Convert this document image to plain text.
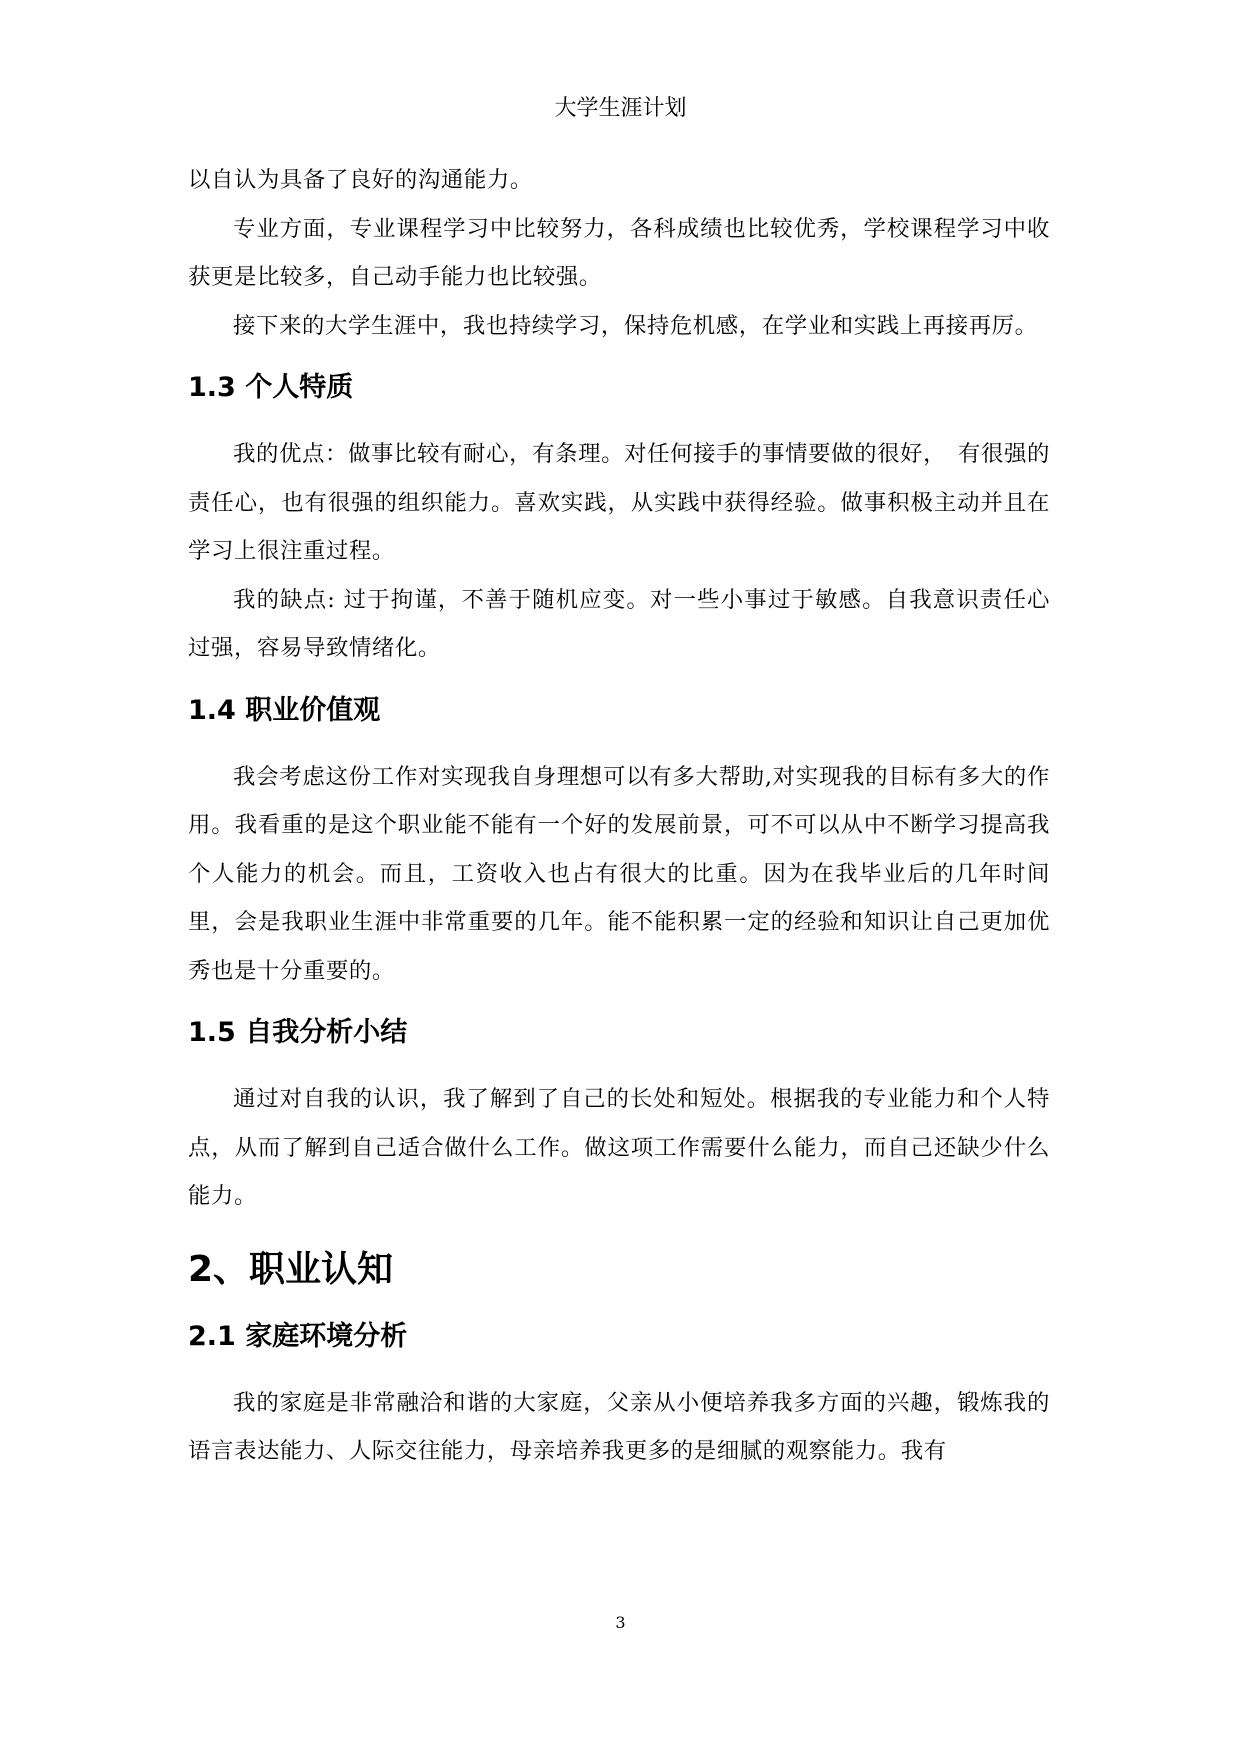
大学生涯计划

以自认为具备了良好的沟通能力。

专业方面，专业课程学习中比较努力，各科成绩也比较优秀，学校课程学习中收获更是比较多，自己动手能力也比较强。

接下来的大学生涯中，我也持续学习，保持危机感，在学业和实践上再接再厉。

1.3 个人特质

我的优点：做事比较有耐心，有条理。对任何接手的事情要做的很好，　有很强的责任心，也有很强的组织能力。喜欢实践，从实践中获得经验。做事积极主动并且在学习上很注重过程。

我的缺点: 过于拘谨，不善于随机应变。对一些小事过于敏感。自我意识责任心过强，容易导致情绪化。

1.4 职业价值观

我会考虑这份工作对实现我自身理想可以有多大帮助,对实现我的目标有多大的作用。我看重的是这个职业能不能有一个好的发展前景，可不可以从中不断学习提高我个人能力的机会。而且，工资收入也占有很大的比重。因为在我毕业后的几年时间里，会是我职业生涯中非常重要的几年。能不能积累一定的经验和知识让自己更加优秀也是十分重要的。

1.5 自我分析小结

通过对自我的认识，我了解到了自己的长处和短处。根据我的专业能力和个人特点，从而了解到自己适合做什么工作。做这项工作需要什么能力，而自己还缺少什么能力。

2、职业认知
2.1 家庭环境分析

我的家庭是非常融洽和谐的大家庭，父亲从小便培养我多方面的兴趣，锻炼我的语言表达能力、人际交往能力，母亲培养我更多的是细腻的观察能力。我有

3
